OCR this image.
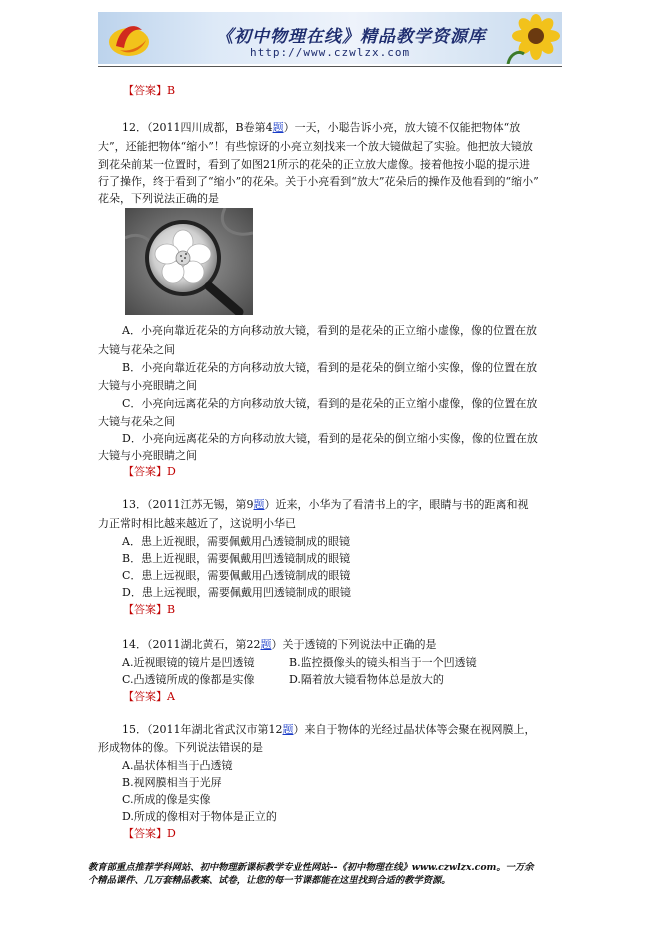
《初中物理在线》精品教学资源库
http://www.czwlzx.com
【答案】B
12．（2011四川成都，B卷第4题）一天，小聪告诉小亮，放大镜不仅能把物体“放
大”，还能把物体“缩小”！有些惊讶的小亮立刻找来一个放大镜做起了实验。他把放大镜放
到花朵前某一位置时，看到了如图21所示的花朵的正立放大虚像。接着他按小聪的提示进
行了操作，终于看到了“缩小”的花朵。关于小亮看到“放大”花朵后的操作及他看到的“缩小”
花朵，下列说法正确的是
A．小亮向靠近花朵的方向移动放大镜，看到的是花朵的正立缩小虚像，像的位置在放
大镜与花朵之间
B．小亮向靠近花朵的方向移动放大镜，看到的是花朵的倒立缩小实像，像的位置在放
大镜与小亮眼睛之间
C．小亮向远离花朵的方向移动放大镜，看到的是花朵的正立缩小虚像，像的位置在放
大镜与花朵之间
D．小亮向远离花朵的方向移动放大镜，看到的是花朵的倒立缩小实像，像的位置在放
大镜与小亮眼睛之间
【答案】D
13．（2011江苏无锡，第9题）近来，小华为了看清书上的字，眼睛与书的距离和视
力正常时相比越来越近了，这说明小华已
A．患上近视眼，需要佩戴用凸透镜制成的眼镜
B．患上近视眼，需要佩戴用凹透镜制成的眼镜
C．患上远视眼，需要佩戴用凸透镜制成的眼镜
D．患上远视眼，需要佩戴用凹透镜制成的眼镜
【答案】B
14．（2011湖北黄石，第22题）关于透镜的下列说法中正确的是
A.近视眼镜的镜片是凹透镜	B.监控摄像头的镜头相当于一个凹透镜
C.凸透镜所成的像都是实像	D.隔着放大镜看物体总是放大的
【答案】A
15．（2011年湖北省武汉市第12题）来自于物体的光经过晶状体等会聚在视网膜上，
形成物体的像。下列说法错误的是
A.晶状体相当于凸透镜
B.视网膜相当于光屏
C.所成的像是实像
D.所成的像相对于物体是正立的
【答案】D
教育部重点推荐学科网站、初中物理新课标教学专业性网站--《初中物理在线》www.czwlzx.com。一万余
个精品课件、几万套精品教案、试卷，让您的每一节课都能在这里找到合适的教学资源。
